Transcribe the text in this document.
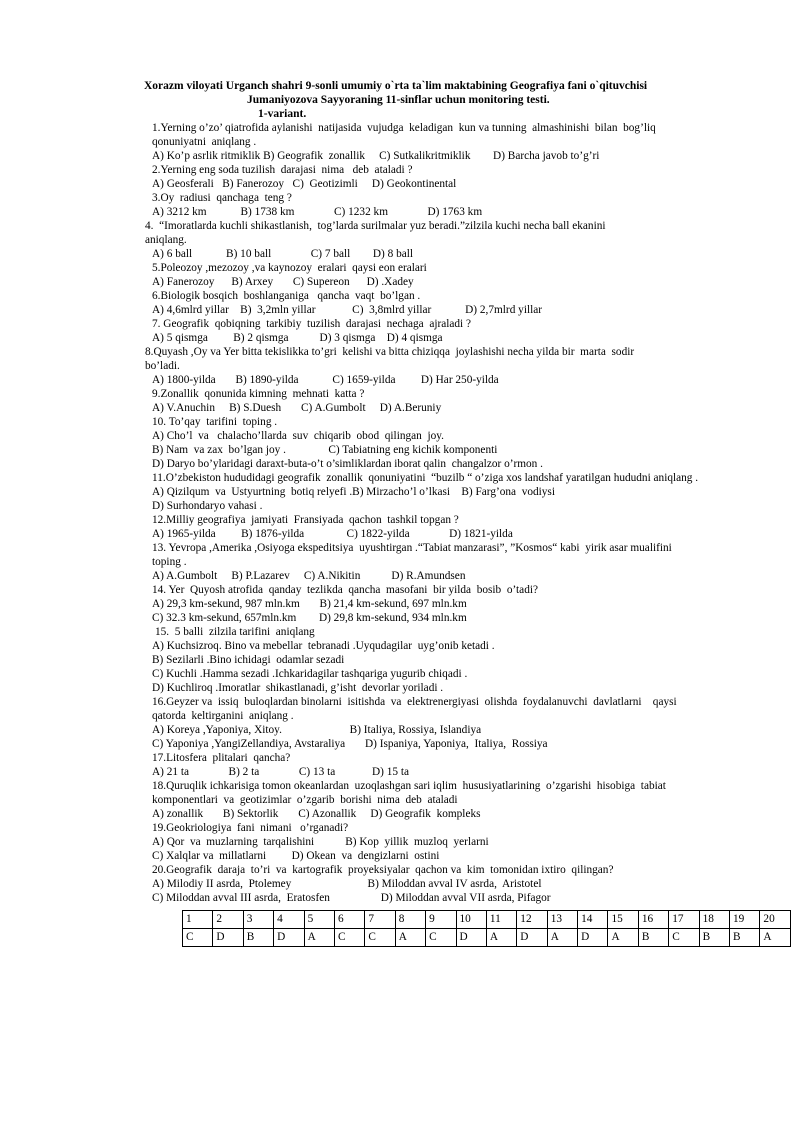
Xorazm viloyati Urganch shahri 9-sonli umumiy o`rta ta`lim maktabining Geografiya fani o`qituvchisi
Jumaniyozova Sayyoraning 11-sinflar uchun monitoring testi.
1-variant.
1.Yerning o’zo’ qiatrofida aylanishi  natijasida  vujudga  keladigan  kun va tunning  almashinishi  bilan  bog’liq
qonuniyatni  aniqlang .
A) Ko’p asrlik ritmiklik B) Geografik  zonallik     C) Sutkalikritmiklik        D) Barcha javob to’g’ri
2.Yerning eng soda tuzilish  darajasi  nima   deb  ataladi ?
A) Geosferali   B) Fanerozoy   C)  Geotizimli     D) Geokontinental
3.Oy  radiusi  qanchaga  teng ?
A) 3212 km            B) 1738 km              C) 1232 km              D) 1763 km
4.  “Imoratlarda kuchli shikastlanish,  tog’larda surilmalar yuz beradi.”zilzila kuchi necha ball ekanini
aniqlang.
A) 6 ball            B) 10 ball              C) 7 ball        D) 8 ball
5.Poleozoy ,mezozoy ,va kaynozoy  eralari  qaysi eon eralari
A) Fanerozoy      B) Arxey       C) Supereon      D) .Xadey
6.Biologik bosqich  boshlanganiga   qancha  vaqt  bo’lgan .
A) 4,6mlrd yillar    B)  3,2mln yillar             C)  3,8mlrd yillar            D) 2,7mlrd yillar
7. Geografik  qobiqning  tarkibiy  tuzilish  darajasi  nechaga  ajraladi ?
A) 5 qismga         B) 2 qismga           D) 3 qismga    D) 4 qismga
8.Quyash ,Oy va Yer bitta tekislikka to’gri  kelishi va bitta chiziqqa  joylashishi necha yilda bir  marta  sodir
bo’ladi.
A) 1800-yilda       B) 1890-yilda            C) 1659-yilda         D) Har 250-yilda
9.Zonallik  qonunida kimning  mehnati  katta ?
A) V.Anuchin     B) S.Duesh       C) A.Gumbolt     D) A.Beruniy
10. To’qay  tarifini  toping .
A) Cho’l  va   chalacho’llarda  suv  chiqarib  obod  qilingan  joy.
B) Nam  va zax  bo’lgan joy .               C) Tabiatning eng kichik komponenti
D) Daryo bo’ylaridagi daraxt-buta-o’t o’simliklardan iborat qalin  changalzor o’rmon .
11.O’zbekiston hududidagi geografik  zonallik  qonuniyatini  “buzilb “ o’ziga xos landshaf yaratilgan hududni aniqlang .
A) Qizilqum  va  Ustyurtning  botiq relyefi .B) Mirzacho’l o’lkasi    B) Farg’ona  vodiysi
D) Surhondaryo vahasi .
12.Milliy geografiya  jamiyati  Fransiyada  qachon  tashkil topgan ?
A) 1965-yilda         B) 1876-yilda               C) 1822-yilda              D) 1821-yilda
13. Yevropa ,Amerika ,Osiyoga ekspeditsiya  uyushtirgan .“Tabiat manzarasi”, ”Kosmos“ kabi  yirik asar mualifini
toping .
A) A.Gumbolt     B) P.Lazarev     C) A.Nikitin           D) R.Amundsen
14. Yer  Quyosh atrofida  qanday  tezlikda  qancha  masofani  bir yilda  bosib  o’tadi?
A) 29,3 km-sekund, 987 mln.km       B) 21,4 km-sekund, 697 mln.km
C) 32.3 km-sekund, 657mln.km        D) 29,8 km-sekund, 934 mln.km
15.  5 balli  zilzila tarifini  aniqlang
A) Kuchsizroq. Bino va mebellar  tebranadi .Uyqudagilar  uyg’onib ketadi .
B) Sezilarli .Bino ichidagi  odamlar sezadi
C) Kuchli .Hamma sezadi .Ichkaridagilar tashqariga yugurib chiqadi .
D) Kuchliroq .Imoratlar  shikastlanadi, g’isht  devorlar yoriladi .
16.Geyzer va  issiq  buloqlardan binolarni  isitishda  va  elektrenergiyasi  olishda  foydalanuvchi  davlatlarni    qaysi
qatorda  keltirganini  aniqlang .
A) Koreya ,Yaponiya, Xitoy.                        B) Italiya, Rossiya, Islandiya
C) Yaponiya ,YangiZellandiya, Avstaraliya       D) Ispaniya, Yaponiya,  Italiya,  Rossiya
17.Litosfera  plitalari  qancha?
A) 21 ta              B) 2 ta              C) 13 ta             D) 15 ta
18.Quruqlik ichkarisiga tomon okeanlardan  uzoqlashgan sari iqlim  hususiyatlarining  o’zgarishi  hisobiga  tabiat
komponentlari  va  geotizimlar  o’zgarib  borishi  nima  deb  ataladi
A) zonallik       B) Sektorlik       C) Azonallik     D) Geografik  kompleks
19.Geokriologiya  fani  nimani   o’rganadi?
A) Qor  va  muzlarning  tarqalishini           B) Kop  yillik  muzloq  yerlarni
C) Xalqlar va  millatlarni         D) Okean  va  dengizlarni  ostini
20.Geografik  daraja  to’ri  va  kartografik  proyeksiyalar  qachon va  kim  tomonidan ixtiro  qilingan?
A) Milodiy II asrda,  Ptolemey                           B) Miloddan avval IV asrda,  Aristotel
C) Miloddan avval III asrda,  Eratosfen                  D) Miloddan avval VII asrda, Pifagor
1	2	3	4	5	6	7	8	9	10	11	12	13	14	15	16	17	18	19	20
C	D	B	D	A	C	C	A	C	D	A	D	A	D	A	B	C	B	B	A
